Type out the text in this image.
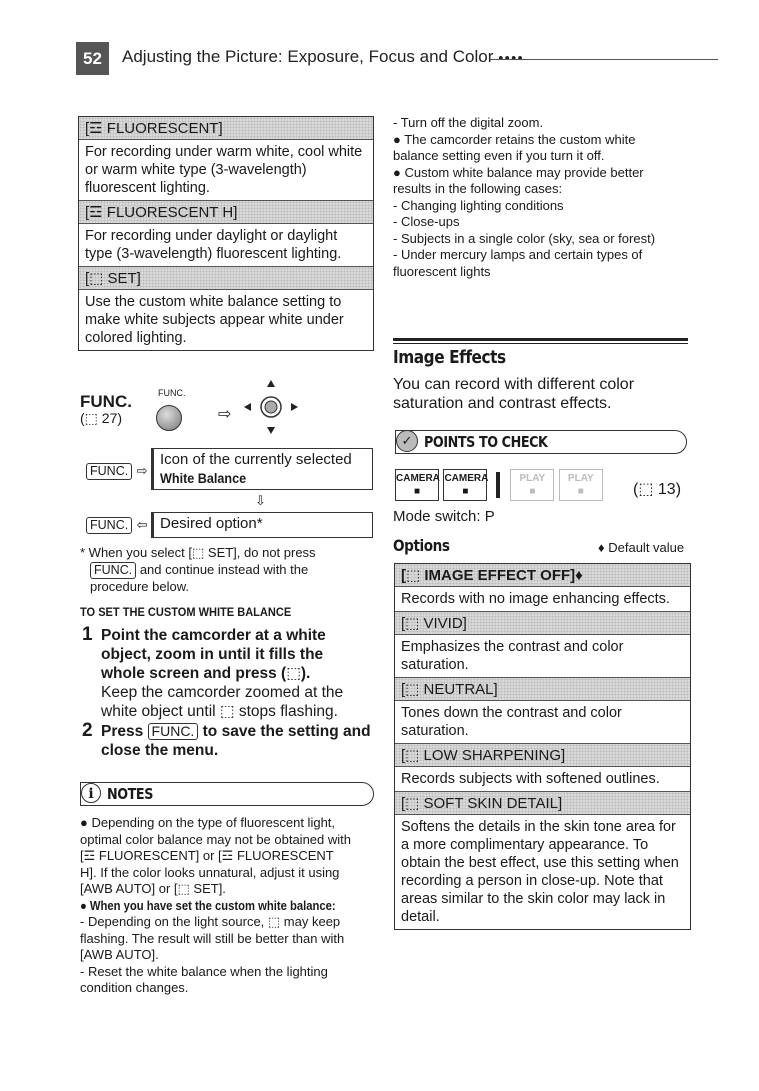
52	Adjusting the Picture: Exposure, Focus and Color ●●●●
[☲ FLUORESCENT]
For recording under warm white, cool white or warm white type (3-wavelength) fluorescent lighting.
[☲ FLUORESCENT H]
For recording under daylight or daylight type (3-wavelength) fluorescent lighting.
[⬚ SET]
Use the custom white balance setting to make white subjects appear white under colored lighting.
FUNC.
(⬚ 27)
FUNC.
⇨
FUNC. ⇨
Icon of the currently selected
White Balance
⇩
FUNC. ⇦ Desired option*
* When you select [⬚ SET], do not press
FUNC. and continue instead with the
procedure below.
TO SET THE CUSTOM WHITE BALANCE
1 Point the camcorder at a white
object, zoom in until it fills the
whole screen and press (⬚).
Keep the camcorder zoomed at the
white object until ⬚ stops flashing.
2 Press FUNC. to save the setting and
close the menu.
i NOTES
● Depending on the type of fluorescent light,
optimal color balance may not be obtained with
[☲ FLUORESCENT] or [☲ FLUORESCENT
H]. If the color looks unnatural, adjust it using
[AWB AUTO] or [⬚ SET].
● When you have set the custom white balance:
- Depending on the light source, ⬚ may keep
flashing. The result will still be better than with
[AWB AUTO].
- Reset the white balance when the lighting
condition changes.
- Turn off the digital zoom.
● The camcorder retains the custom white
balance setting even if you turn it off.
● Custom white balance may provide better
results in the following cases:
- Changing lighting conditions
- Close-ups
- Subjects in a single color (sky, sea or forest)
- Under mercury lamps and certain types of
fluorescent lights
Image Effects
You can record with different color
saturation and contrast effects.
✓ POINTS TO CHECK
CAMERA
■ CAMERA
■  PLAY
■ PLAY
■	(⬚ 13)
Mode switch: P
Options	♦ Default value
[⬚ IMAGE EFFECT OFF]♦
Records with no image enhancing effects.
[⬚ VIVID]
Emphasizes the contrast and color saturation.
[⬚ NEUTRAL]
Tones down the contrast and color saturation.
[⬚ LOW SHARPENING]
Records subjects with softened outlines.
[⬚ SOFT SKIN DETAIL]
Softens the details in the skin tone area for a more complimentary appearance. To obtain the best effect, use this setting when recording a person in close-up. Note that areas similar to the skin color may lack in detail.
